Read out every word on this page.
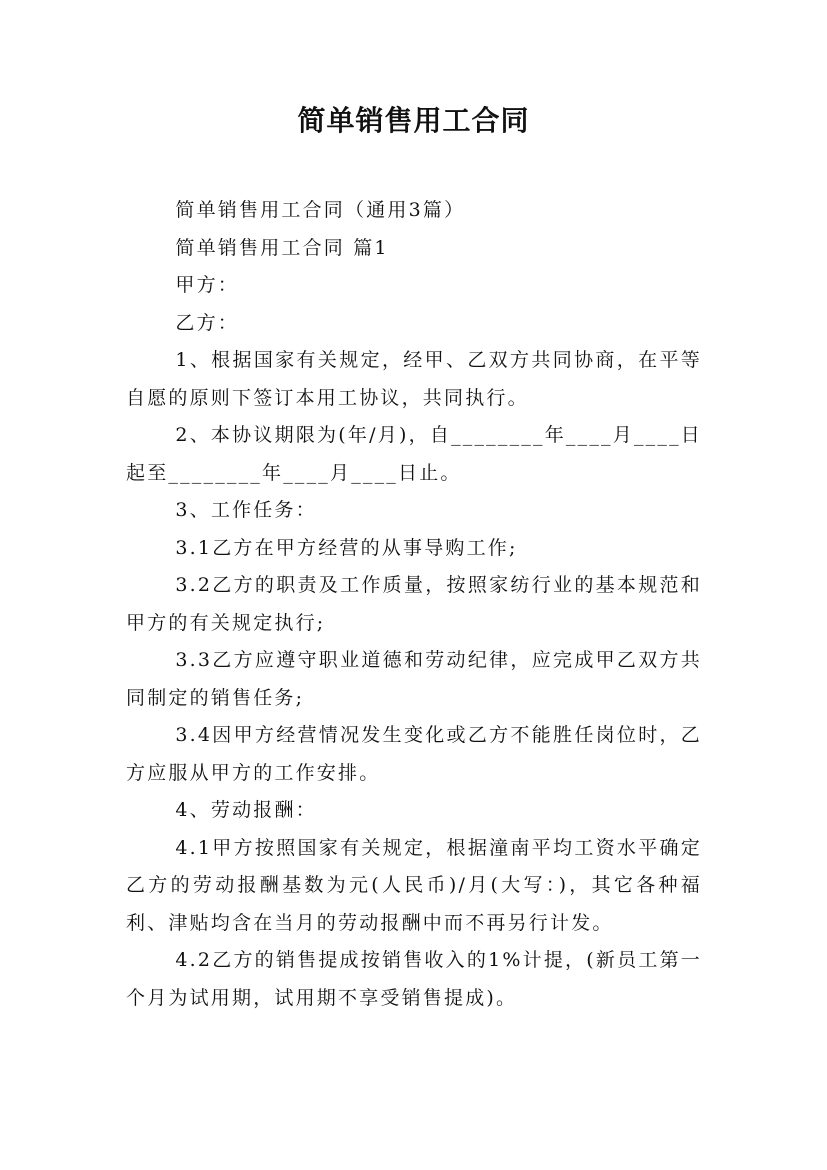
简单销售用工合同

简单销售用工合同（通用3篇）

简单销售用工合同 篇1

甲方：

乙方：

1、根据国家有关规定，经甲、乙双方共同协商，在平等自愿的原则下签订本用工协议，共同执行。

2、本协议期限为(年/月)，自________年____月____日起至________年____月____日止。

3、工作任务：

3.1乙方在甲方经营的从事导购工作;

3.2乙方的职责及工作质量，按照家纺行业的基本规范和甲方的有关规定执行;

3.3乙方应遵守职业道德和劳动纪律，应完成甲乙双方共同制定的销售任务;

3.4因甲方经营情况发生变化或乙方不能胜任岗位时，乙方应服从甲方的工作安排。

4、劳动报酬：

4.1甲方按照国家有关规定，根据潼南平均工资水平确定乙方的劳动报酬基数为元(人民币)/月(大写：)，其它各种福利、津贴均含在当月的劳动报酬中而不再另行计发。

4.2乙方的销售提成按销售收入的1%计提，(新员工第一个月为试用期，试用期不享受销售提成)。
